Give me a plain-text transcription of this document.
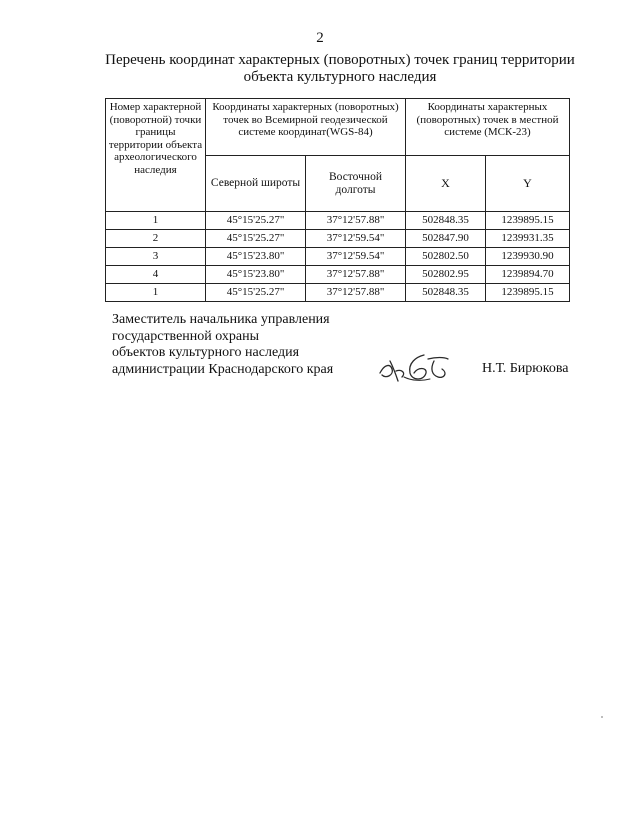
2
Перечень координат характерных (поворотных) точек границ территории
объекта культурного наследия
Номер характерной (поворотной) точки границы территории объекта археологического наследия	Координаты характерных (поворотных) точек во Всемирной геодезической системе координат(WGS-84)		Координаты характерных (поворотных) точек в местной системе (МСК-23)	
	Северной широты	Восточной долготы	X	Y
1	45°15'25.27"	37°12'57.88"	502848.35	1239895.15
2	45°15'25.27"	37°12'59.54"	502847.90	1239931.35
3	45°15'23.80"	37°12'59.54"	502802.50	1239930.90
4	45°15'23.80"	37°12'57.88"	502802.95	1239894.70
1	45°15'25.27"	37°12'57.88"	502848.35	1239895.15
Заместитель начальника управления
государственной охраны
объектов культурного наследия
администрации Краснодарского края	Н.Т. Бирюкова
